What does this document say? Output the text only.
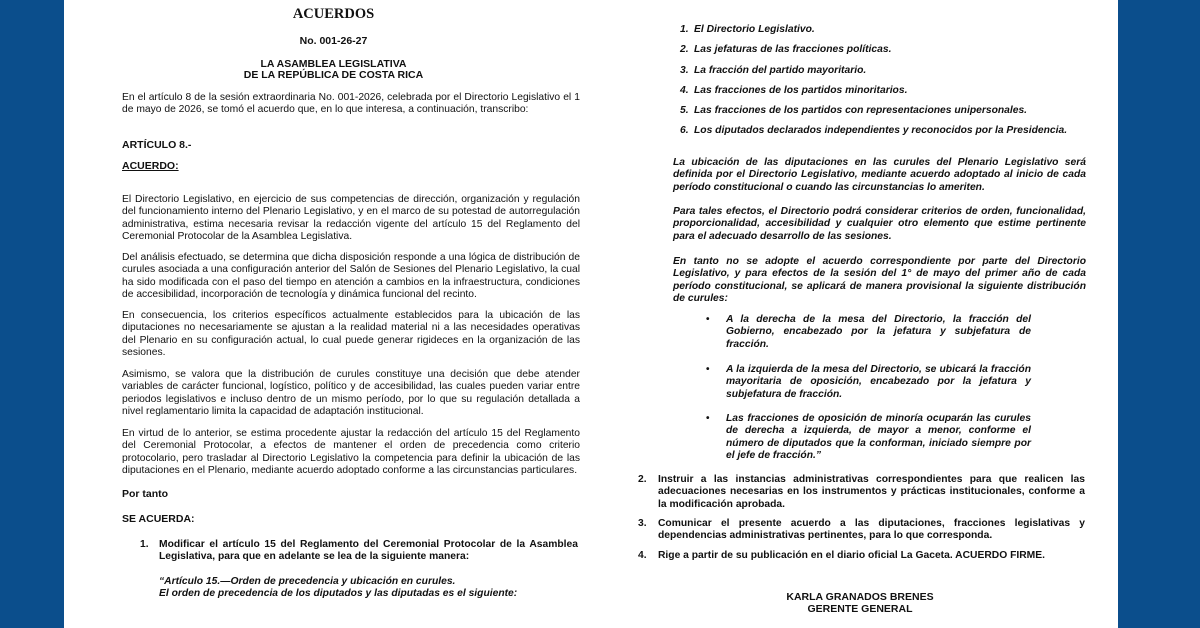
ACUERDOS
No. 001-26-27
LA ASAMBLEA LEGISLATIVA
DE LA REPÚBLICA DE COSTA RICA
En el artículo 8 de la sesión extraordinaria No. 001-2026, celebrada por el Directorio Legislativo el 1 de mayo de 2026, se tomó el acuerdo que, en lo que interesa, a continuación, transcribo:
ARTÍCULO 8.-
ACUERDO:
El Directorio Legislativo, en ejercicio de sus competencias de dirección, organización y regulación del funcionamiento interno del Plenario Legislativo, y en el marco de su potestad de autorregulación administrativa, estima necesaria revisar la redacción vigente del artículo 15 del Reglamento del Ceremonial Protocolar de la Asamblea Legislativa.
Del análisis efectuado, se determina que dicha disposición responde a una lógica de distribución de curules asociada a una configuración anterior del Salón de Sesiones del Plenario Legislativo, la cual ha sido modificada con el paso del tiempo en atención a cambios en la infraestructura, condiciones de accesibilidad, incorporación de tecnología y dinámica funcional del recinto.
En consecuencia, los criterios específicos actualmente establecidos para la ubicación de las diputaciones no necesariamente se ajustan a la realidad material ni a las necesidades operativas del Plenario en su configuración actual, lo cual puede generar rigideces en la organización de las sesiones.
Asimismo, se valora que la distribución de curules constituye una decisión que debe atender variables de carácter funcional, logístico, político y de accesibilidad, las cuales pueden variar entre periodos legislativos e incluso dentro de un mismo período, por lo que su regulación detallada a nivel reglamentario limita la capacidad de adaptación institucional.
En virtud de lo anterior, se estima procedente ajustar la redacción del artículo 15 del Reglamento del Ceremonial Protocolar, a efectos de mantener el orden de precedencia como criterio protocolario, pero trasladar al Directorio Legislativo la competencia para definir la ubicación de las diputaciones en el Plenario, mediante acuerdo adoptado conforme a las circunstancias particulares.
Por tanto
SE ACUERDA:
1. Modificar el artículo 15 del Reglamento del Ceremonial Protocolar de la Asamblea Legislativa, para que en adelante se lea de la siguiente manera:
“Artículo 15.—Orden de precedencia y ubicación en curules.
El orden de precedencia de los diputados y las diputadas es el siguiente:
1. El Directorio Legislativo.
2. Las jefaturas de las fracciones políticas.
3. La fracción del partido mayoritario.
4. Las fracciones de los partidos minoritarios.
5. Las fracciones de los partidos con representaciones unipersonales.
6. Los diputados declarados independientes y reconocidos por la Presidencia.
La ubicación de las diputaciones en las curules del Plenario Legislativo será definida por el Directorio Legislativo, mediante acuerdo adoptado al inicio de cada período constitucional o cuando las circunstancias lo ameriten.
Para tales efectos, el Directorio podrá considerar criterios de orden, funcionalidad, proporcionalidad, accesibilidad y cualquier otro elemento que estime pertinente para el adecuado desarrollo de las sesiones.
En tanto no se adopte el acuerdo correspondiente por parte del Directorio Legislativo, y para efectos de la sesión del 1° de mayo del primer año de cada período constitucional, se aplicará de manera provisional la siguiente distribución de curules:
• A la derecha de la mesa del Directorio, la fracción del Gobierno, encabezado por la jefatura y subjefatura de fracción.
• A la izquierda de la mesa del Directorio, se ubicará la fracción mayoritaria de oposición, encabezado por la jefatura y subjefatura de fracción.
• Las fracciones de oposición de minoría ocuparán las curules de derecha a izquierda, de mayor a menor, conforme el número de diputados que la conforman, iniciado siempre por el jefe de fracción.”
2. Instruir a las instancias administrativas correspondientes para que realicen las adecuaciones necesarias en los instrumentos y prácticas institucionales, conforme a la modificación aprobada.
3. Comunicar el presente acuerdo a las diputaciones, fracciones legislativas y dependencias administrativas pertinentes, para lo que corresponda.
4. Rige a partir de su publicación en el diario oficial La Gaceta. ACUERDO FIRME.
KARLA GRANADOS BRENES
GERENTE GENERAL
